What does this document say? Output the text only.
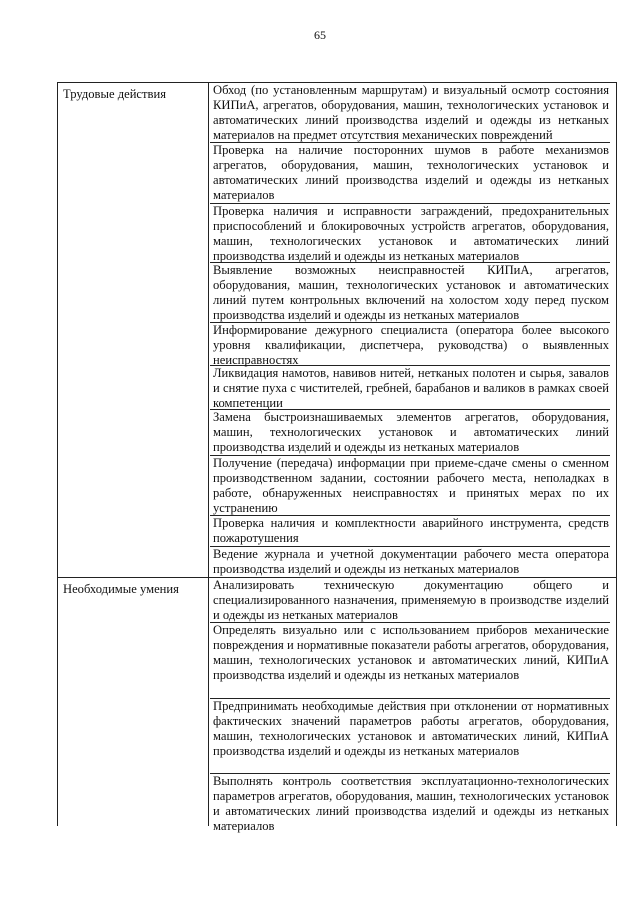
65
Трудовые действия	Обход (по установленным маршрутам) и визуальный осмотр состояния КИПиА, агрегатов, оборудования, машин, технологических установок и автоматических линий производства изделий и одежды из нетканых материалов на предмет отсутствия механических повреждений
Проверка на наличие посторонних шумов в работе механизмов агрегатов, оборудования, машин, технологических установок и автоматических линий производства изделий и одежды из нетканых материалов
Проверка наличия и исправности заграждений, предохранительных приспособлений и блокировочных устройств агрегатов, оборудования, машин, технологических установок и автоматических линий производства изделий и одежды из нетканых материалов
Выявление возможных неисправностей КИПиА, агрегатов, оборудования, машин, технологических установок и автоматических линий путем контрольных включений на холостом ходу перед пуском производства изделий и одежды из нетканых материалов
Информирование дежурного специалиста (оператора более высокого уровня квалификации, диспетчера, руководства) о выявленных неисправностях
Ликвидация намотов, навивов нитей, нетканых полотен и сырья, завалов и снятие пуха с чистителей, гребней, барабанов и валиков в рамках своей компетенции
Замена быстроизнашиваемых элементов агрегатов, оборудования, машин, технологических установок и автоматических линий производства изделий и одежды из нетканых материалов
Получение (передача) информации при приеме-сдаче смены о сменном производственном задании, состоянии рабочего места, неполадках в работе, обнаруженных неисправностях и принятых мерах по их устранению
Проверка наличия и комплектности аварийного инструмента, средств пожаротушения
Ведение журнала и учетной документации рабочего места оператора производства изделий и одежды из нетканых материалов
Необходимые умения	Анализировать техническую документацию общего и специализированного назначения, применяемую в производстве изделий и одежды из нетканых материалов
Определять визуально или с использованием приборов механические повреждения и нормативные показатели работы агрегатов, оборудования, машин, технологических установок и автоматических линий, КИПиА производства изделий и одежды из нетканых материалов
Предпринимать необходимые действия при отклонении от нормативных фактических значений параметров работы агрегатов, оборудования, машин, технологических установок и автоматических линий, КИПиА производства изделий и одежды из нетканых материалов
Выполнять контроль соответствия эксплуатационно-технологических параметров агрегатов, оборудования, машин, технологических установок и автоматических линий производства изделий и одежды из нетканых материалов
